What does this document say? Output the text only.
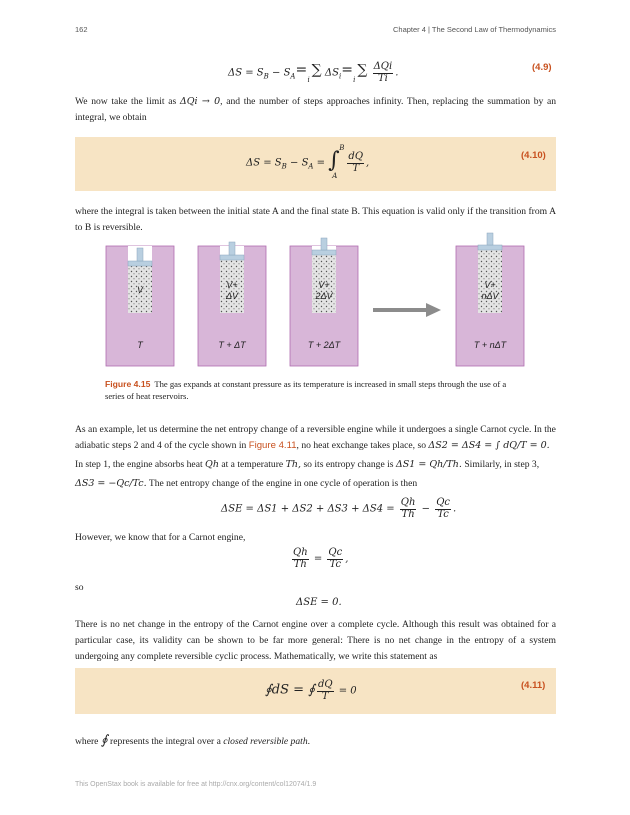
162	Chapter 4 | The Second Law of Thermodynamics
$\Delta S = S_B - S_A$ = ∑
i
$\Delta S_i$ = ∑
i
	$\frac{\text{ΔQi}}{Ti}$ .	(4.9)
We now take the limit as ΔQi → 0, and the number of steps approaches infinity. Then, replacing the summation by an integral, we obtain
$\Delta S = S_B - S_A$ = ∫ B
A

$\frac{dQ}{T}$ ,
(4.10)
where the integral is taken between the initial state A and the final state B. This equation is valid only if the transition from A to B is reversible.
V
T
V+
ΔV
T + ΔT
V+
2ΔV
T + 2ΔT
V+
nΔV
T + nΔT
Figure 4.15 The gas expands at constant pressure as its temperature is increased in small steps through the use of a series of heat reservoirs.
As an example, let us determine the net entropy change of a reversible engine while it undergoes a single Carnot cycle. In the
adiabatic steps 2 and 4 of the cycle shown in Figure 4.11, no heat exchange takes place, so ΔS2 = ΔS4 = ∫ dQ/T = 0.
In step 1, the engine absorbs heat Qh at a temperature Th, so its entropy change is ΔS1 = Qh/Th. Similarly, in step 3,
ΔS3 = −Qc/Tc. The net entropy change of the engine in one cycle of operation is then
$\Delta SE = \Delta S1 + \Delta S2 + \Delta S3 + \Delta S4 = \frac{Qh}{Th} - \frac{Qc}{Tc}$ .
However, we know that for a Carnot engine,
$\frac{Qh}{Th} = \frac{Qc}{Tc}$ ,
so
ΔSE = 0.
There is no net change in the entropy of the Carnot engine over a complete cycle. Although this result was obtained for a particular case, its validity can be shown to be far more general: There is no net change in the entropy of a system undergoing any complete reversible cyclic process. Mathematically, we write this statement as
∮dS = ∮ $\frac{dQ}{T} = 0$	(4.11)
where ∮ represents the integral over a closed reversible path.
This OpenStax book is available for free at http://cnx.org/content/col12074/1.9
